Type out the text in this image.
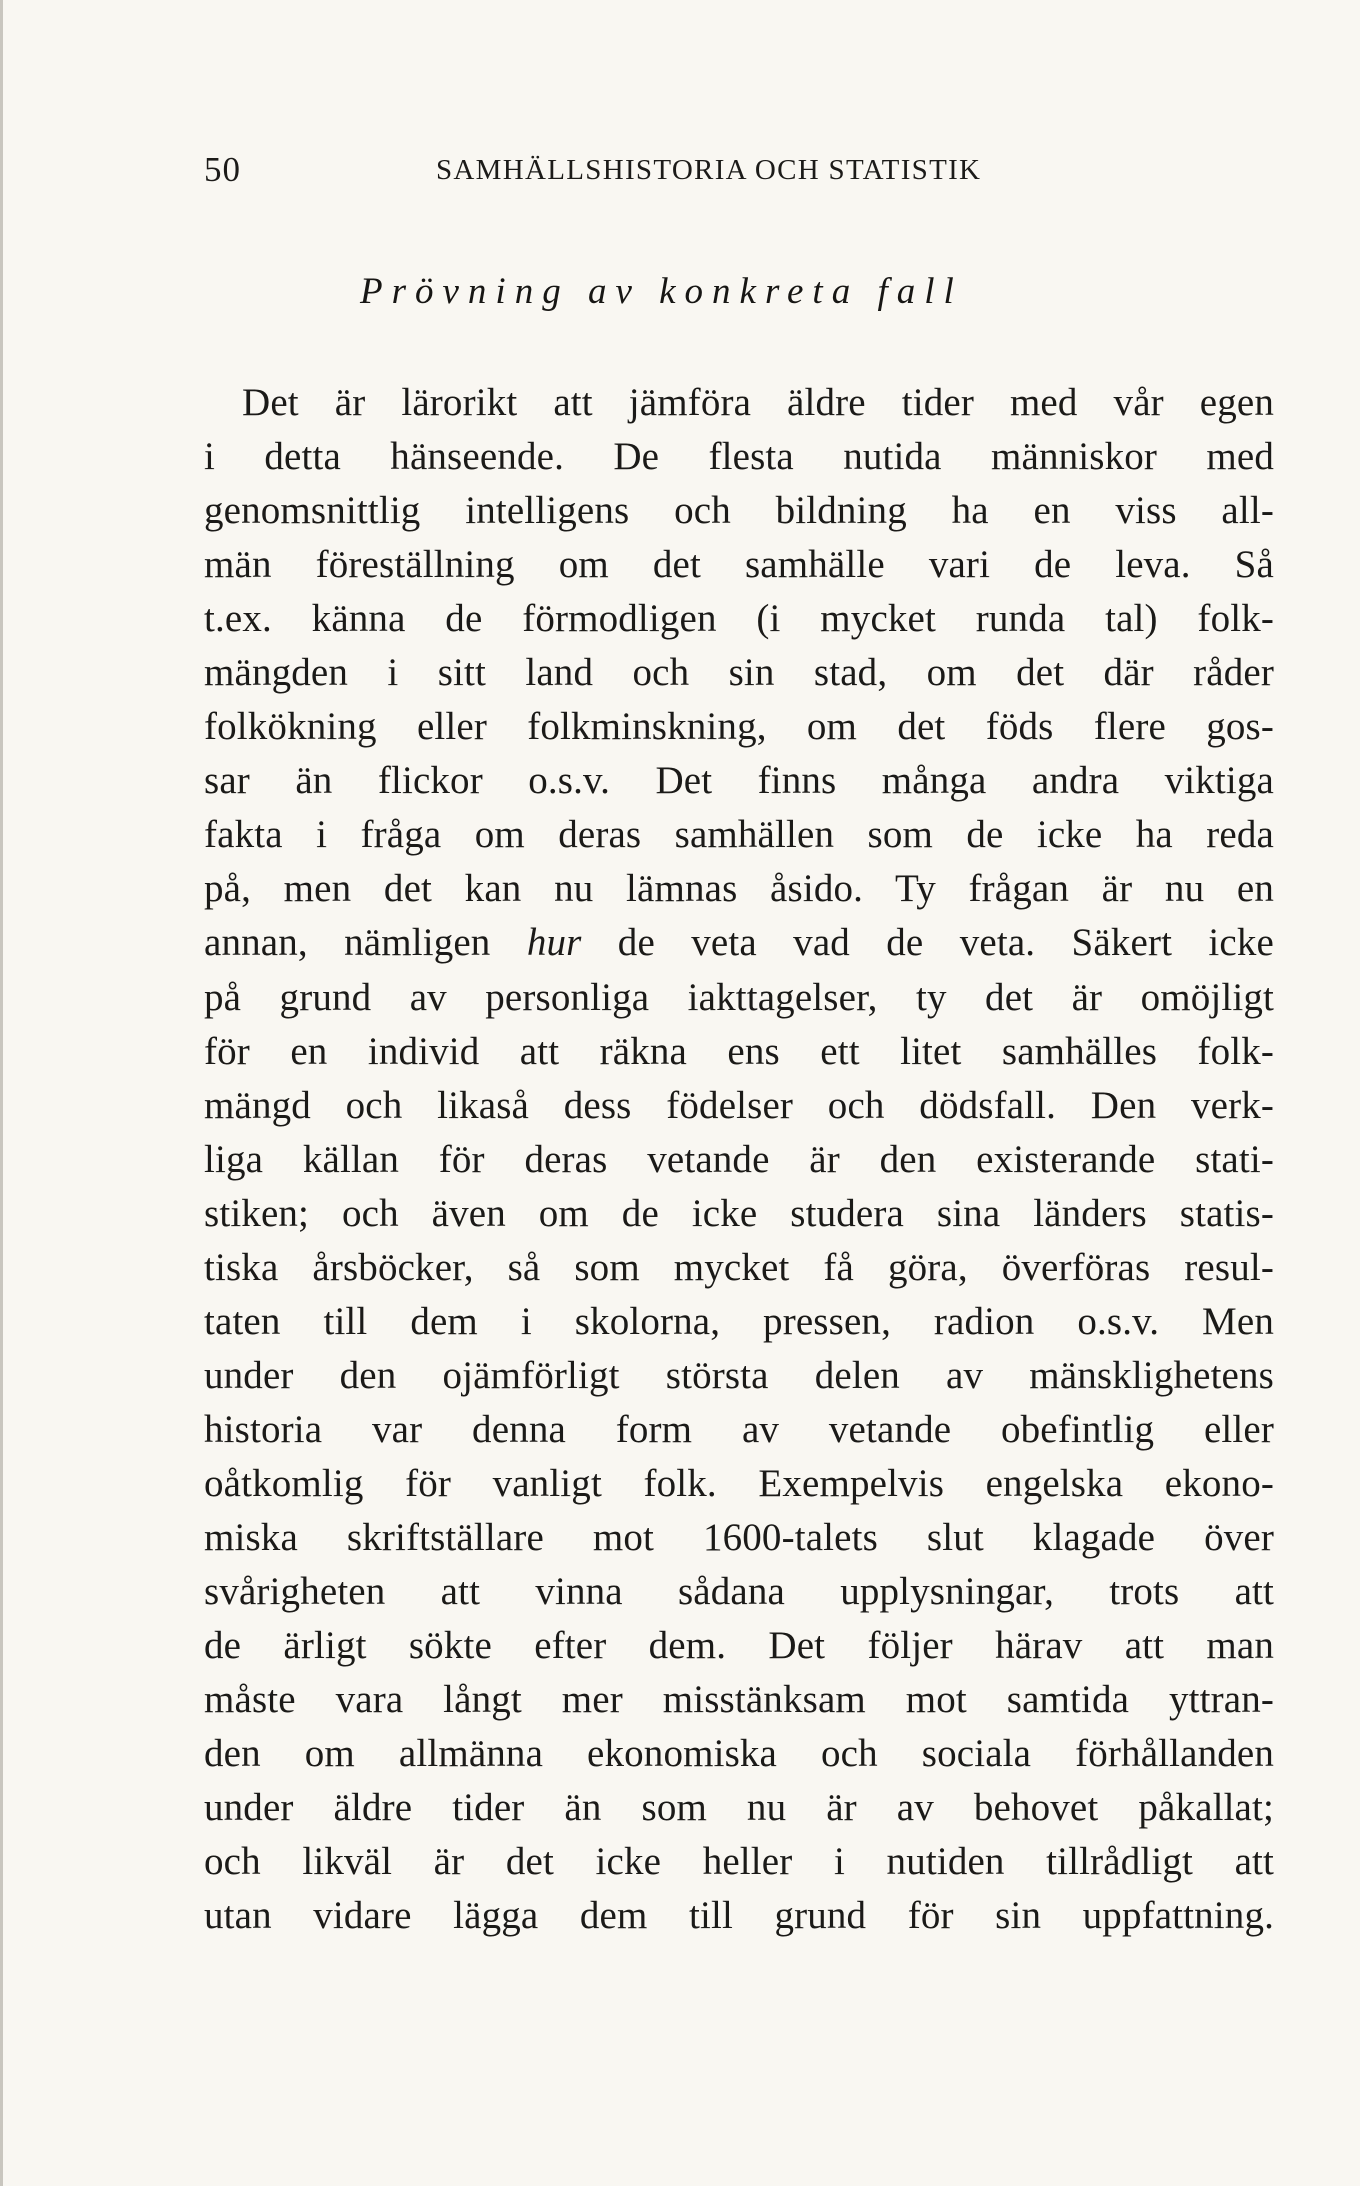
50	SAMHÄLLSHISTORIA OCH STATISTIK
Prövning av konkreta fall
Det är lärorikt att jämföra äldre tider med vår egen
i detta hänseende. De flesta nutida människor med
genomsnittlig intelligens och bildning ha en viss all-
män föreställning om det samhälle vari de leva. Så
t.ex. känna de förmodligen (i mycket runda tal) folk-
mängden i sitt land och sin stad, om det där råder
folkökning eller folkminskning, om det föds flere gos-
sar än flickor o.s.v. Det finns många andra viktiga
fakta i fråga om deras samhällen som de icke ha reda
på, men det kan nu lämnas åsido. Ty frågan är nu en
annan, nämligen hur de veta vad de veta. Säkert icke
på grund av personliga iakttagelser, ty det är omöjligt
för en individ att räkna ens ett litet samhälles folk-
mängd och likaså dess födelser och dödsfall. Den verk-
liga källan för deras vetande är den existerande stati-
stiken; och även om de icke studera sina länders statis-
tiska årsböcker, så som mycket få göra, överföras resul-
taten till dem i skolorna, pressen, radion o.s.v. Men
under den ojämförligt största delen av mänsklighetens
historia var denna form av vetande obefintlig eller
oåtkomlig för vanligt folk. Exempelvis engelska ekono-
miska skriftställare mot 1600-talets slut klagade över
svårigheten att vinna sådana upplysningar, trots att
de ärligt sökte efter dem. Det följer härav att man
måste vara långt mer misstänksam mot samtida yttran-
den om allmänna ekonomiska och sociala förhållanden
under äldre tider än som nu är av behovet påkallat;
och likväl är det icke heller i nutiden tillrådligt att
utan vidare lägga dem till grund för sin uppfattning.
